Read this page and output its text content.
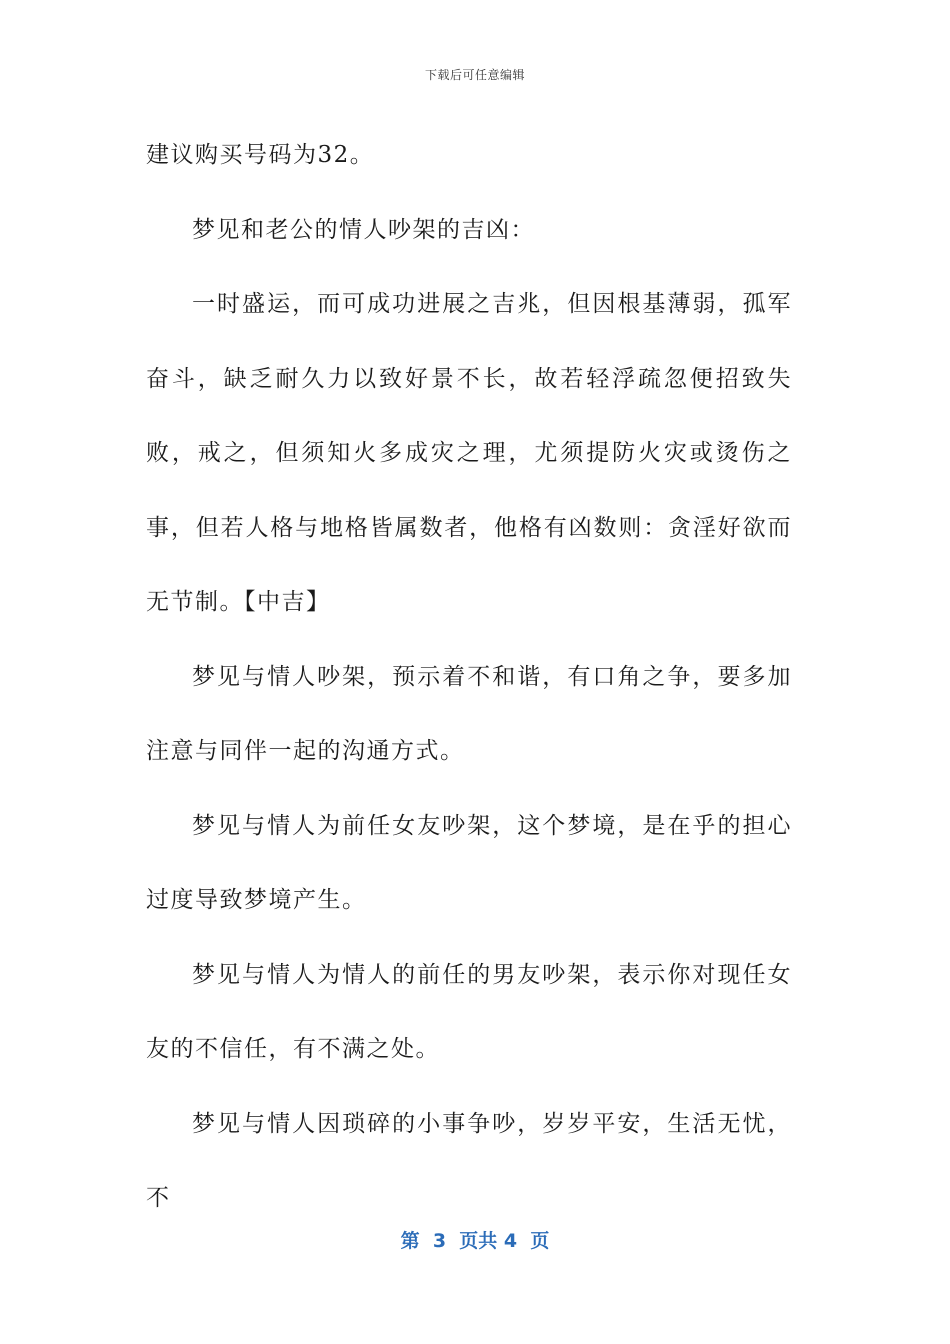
下载后可任意编辑

建议购买号码为32。

梦见和老公的情人吵架的吉凶：

一时盛运，而可成功进展之吉兆，但因根基薄弱，孤军奋斗，缺乏耐久力以致好景不长，故若轻浮疏忽便招致失败，戒之，但须知火多成灾之理，尤须提防火灾或烫伤之事，但若人格与地格皆属数者，他格有凶数则：贪淫好欲而无节制。【中吉】

梦见与情人吵架，预示着不和谐，有口角之争，要多加注意与同伴一起的沟通方式。

梦见与情人为前任女友吵架，这个梦境，是在乎的担心过度导致梦境产生。

梦见与情人为情人的前任的男友吵架，表示你对现任女友的不信任，有不满之处。

梦见与情人因琐碎的小事争吵，岁岁平安，生活无忧，不

第  3  页共 4  页
